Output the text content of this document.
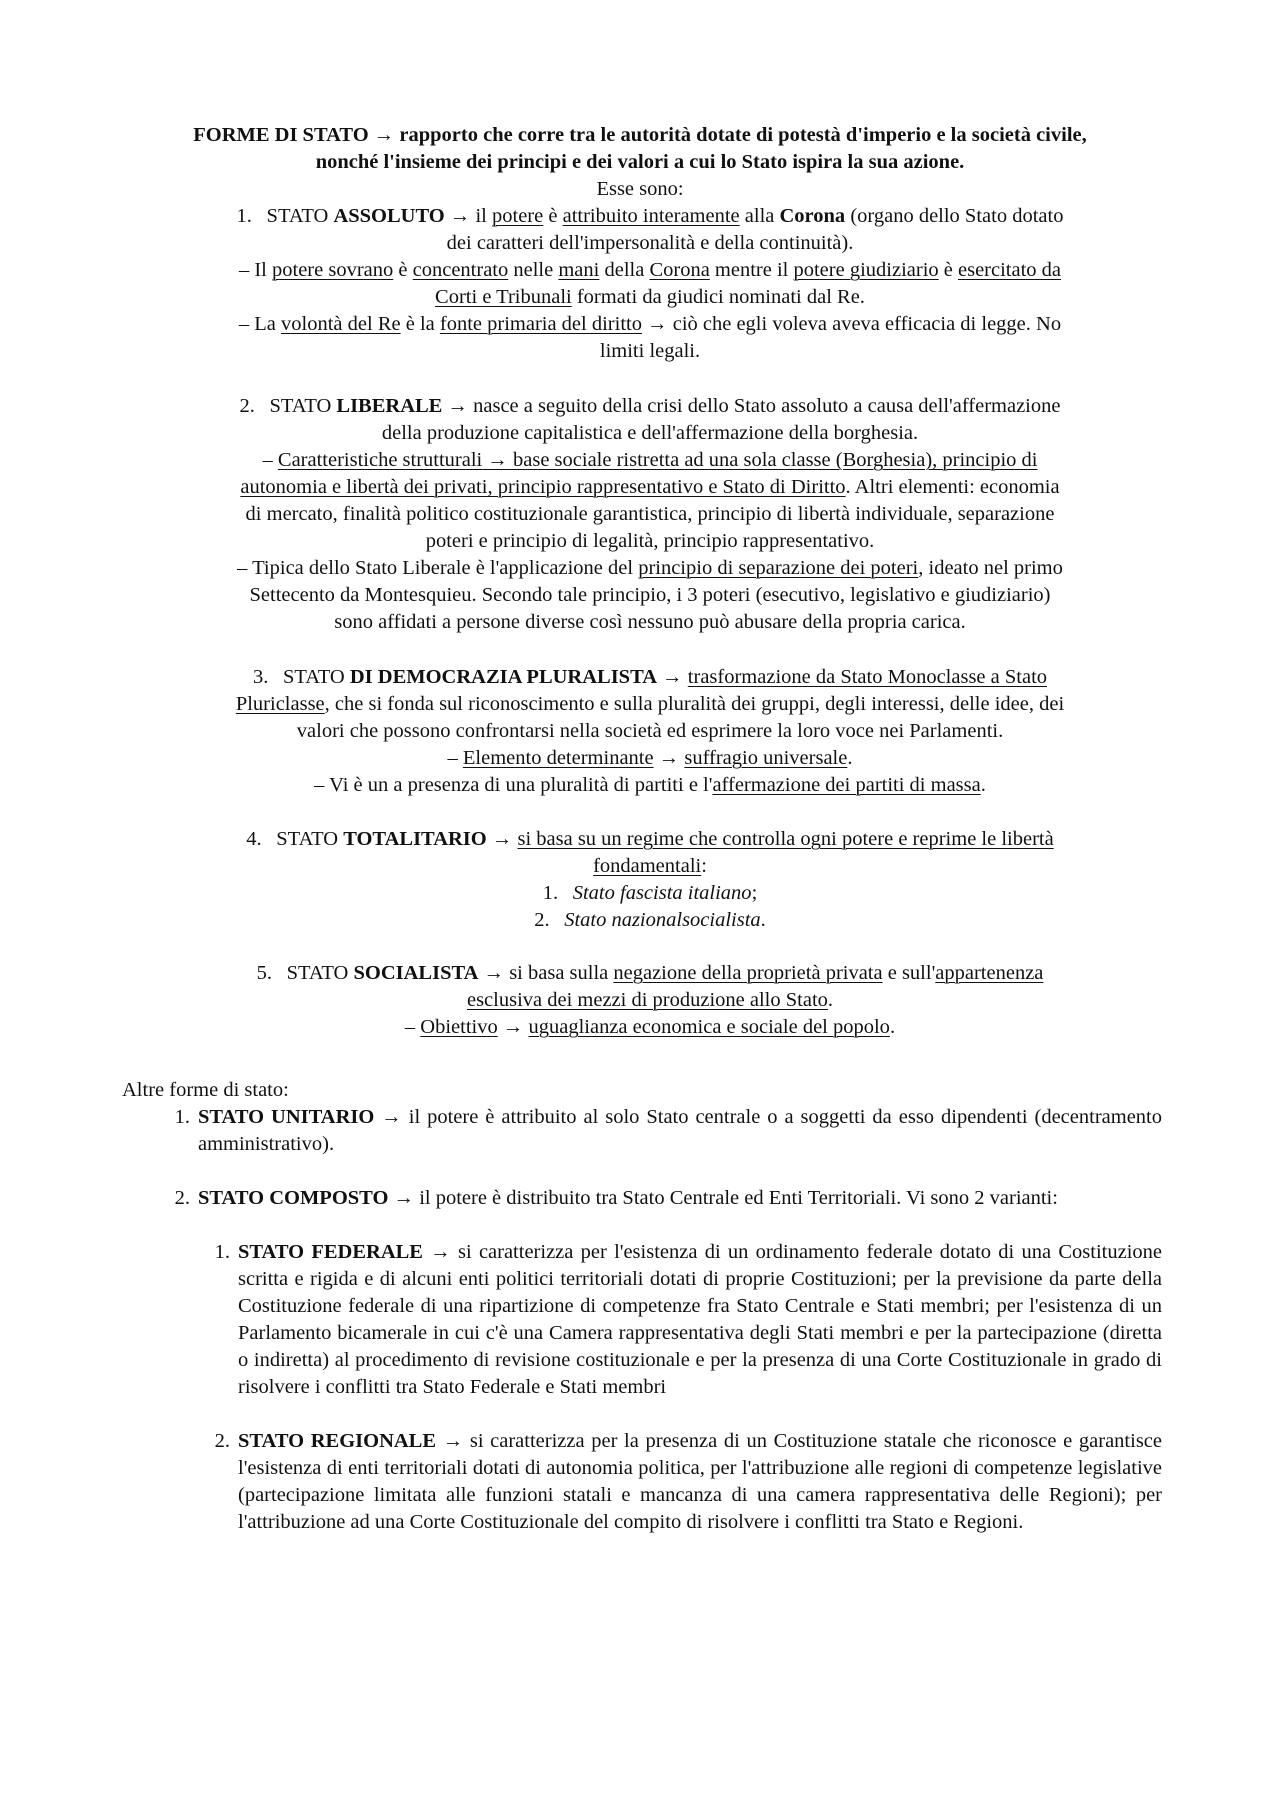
FORME DI STATO → rapporto che corre tra le autorità dotate di potestà d'imperio e la società civile,
nonché l'insieme dei principi e dei valori a cui lo Stato ispira la sua azione.
Esse sono:
1. STATO ASSOLUTO → il potere è attribuito interamente alla Corona (organo dello Stato dotato
dei caratteri dell'impersonalità e della continuità).
– Il potere sovrano è concentrato nelle mani della Corona mentre il potere giudiziario è esercitato da
Corti e Tribunali formati da giudici nominati dal Re.
– La volontà del Re è la fonte primaria del diritto → ciò che egli voleva aveva efficacia di legge. No
limiti legali.
2. STATO LIBERALE → nasce a seguito della crisi dello Stato assoluto a causa dell'affermazione
della produzione capitalistica e dell'affermazione della borghesia.
– Caratteristiche strutturali → base sociale ristretta ad una sola classe (Borghesia), principio di
autonomia e libertà dei privati, principio rappresentativo e Stato di Diritto. Altri elementi: economia
di mercato, finalità politico costituzionale garantistica, principio di libertà individuale, separazione
poteri e principio di legalità, principio rappresentativo.
– Tipica dello Stato Liberale è l'applicazione del principio di separazione dei poteri, ideato nel primo
Settecento da Montesquieu. Secondo tale principio, i 3 poteri (esecutivo, legislativo e giudiziario)
sono affidati a persone diverse così nessuno può abusare della propria carica.
3. STATO DI DEMOCRAZIA PLURALISTA → trasformazione da Stato Monoclasse a Stato
Pluriclasse, che si fonda sul riconoscimento e sulla pluralità dei gruppi, degli interessi, delle idee, dei
valori che possono confrontarsi nella società ed esprimere la loro voce nei Parlamenti.
– Elemento determinante → suffragio universale.
– Vi è un a presenza di una pluralità di partiti e l'affermazione dei partiti di massa.
4. STATO TOTALITARIO → si basa su un regime che controlla ogni potere e reprime le libertà
fondamentali:
1. Stato fascista italiano;
2. Stato nazionalsocialista.
5. STATO SOCIALISTA → si basa sulla negazione della proprietà privata e sull'appartenenza
esclusiva dei mezzi di produzione allo Stato.
– Obiettivo → uguaglianza economica e sociale del popolo.
Altre forme di stato:
1. STATO UNITARIO → il potere è attribuito al solo Stato centrale o a soggetti da esso dipendenti (decentramento amministrativo).
2. STATO COMPOSTO → il potere è distribuito tra Stato Centrale ed Enti Territoriali. Vi sono 2 varianti:
1. STATO FEDERALE → si caratterizza per l'esistenza di un ordinamento federale dotato di una Costituzione scritta e rigida e di alcuni enti politici territoriali dotati di proprie Costituzioni; per la previsione da parte della Costituzione federale di una ripartizione di competenze fra Stato Centrale e Stati membri; per l'esistenza di un Parlamento bicamerale in cui c'è una Camera rappresentativa degli Stati membri e per la partecipazione (diretta o indiretta) al procedimento di revisione costituzionale e per la presenza di una Corte Costituzionale in grado di risolvere i conflitti tra Stato Federale e Stati membri
2. STATO REGIONALE → si caratterizza per la presenza di un Costituzione statale che riconosce e garantisce l'esistenza di enti territoriali dotati di autonomia politica, per l'attribuzione alle regioni di competenze legislative (partecipazione limitata alle funzioni statali e mancanza di una camera rappresentativa delle Regioni); per l'attribuzione ad una Corte Costituzionale del compito di risolvere i conflitti tra Stato e Regioni.
